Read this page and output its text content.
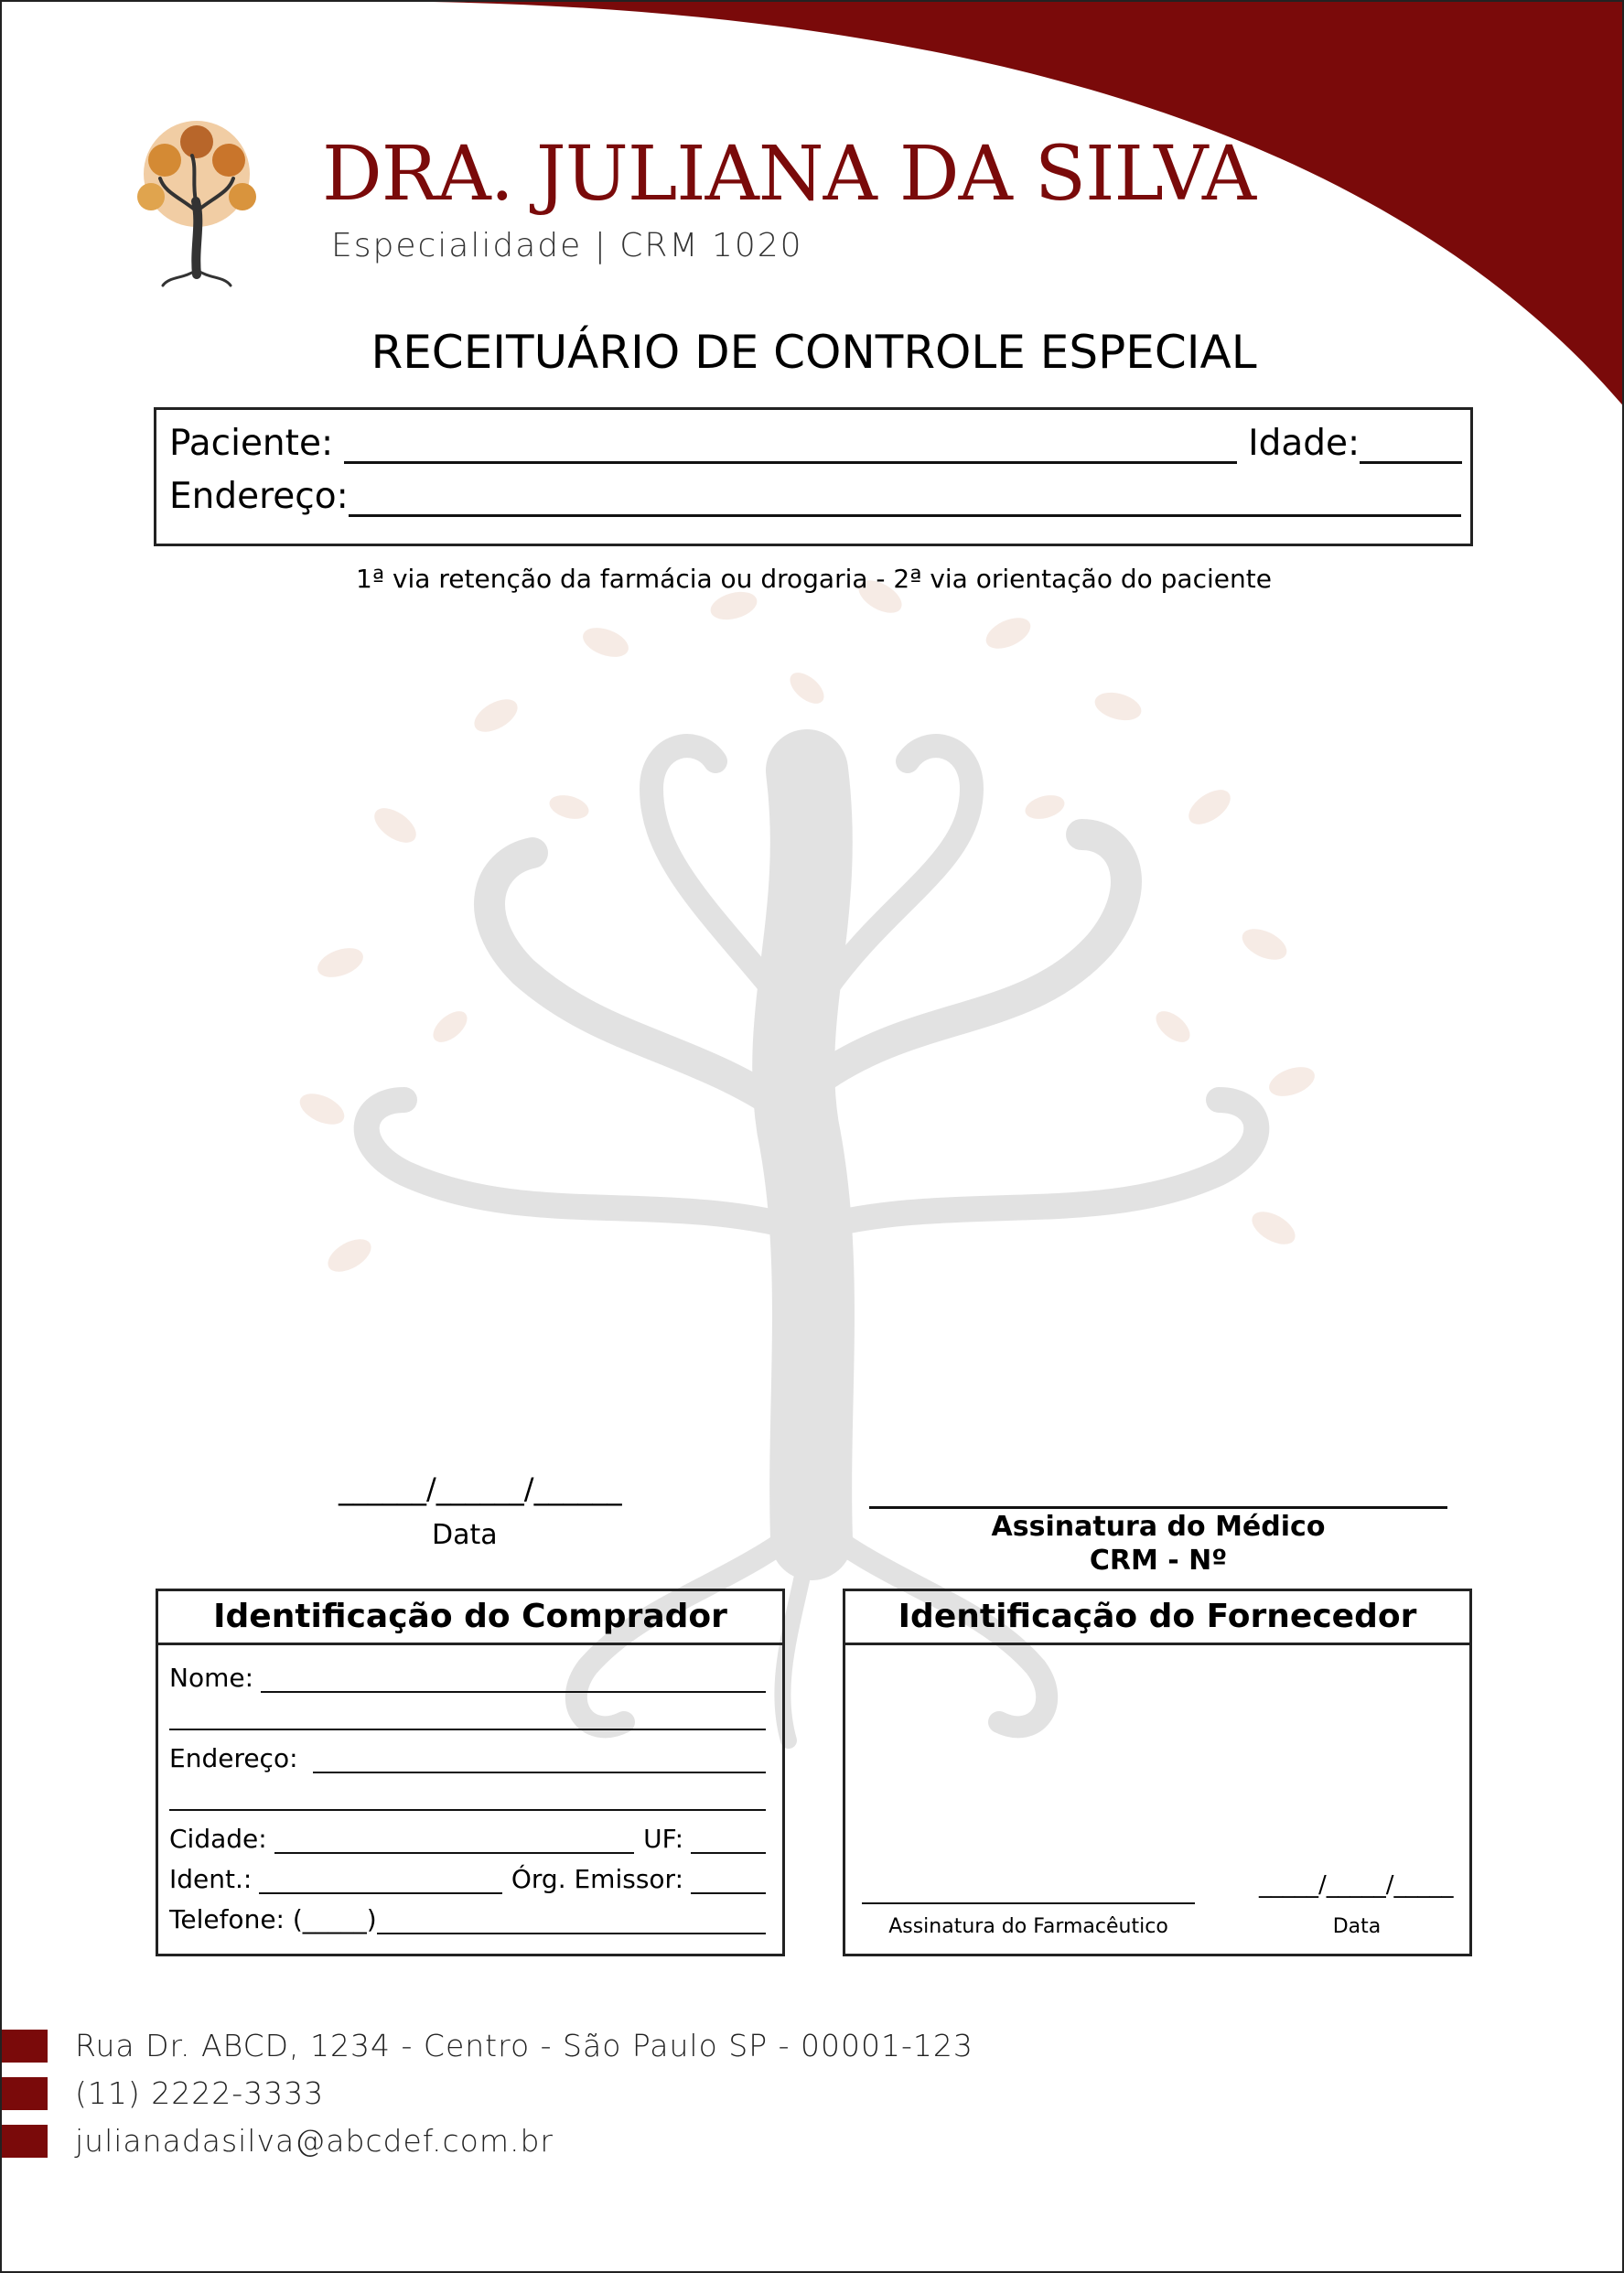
DRA. JULIANA DA SILVA
Especialidade | CRM 1020
RECEITUÁRIO DE CONTROLE ESPECIAL
Paciente:	Idade:
Endereço:
1ª via retenção da farmácia ou drogaria - 2ª via orientação do paciente
______/______/______
Data	Assinatura do Médico
CRM - Nº
Identificação do Comprador
Nome:
Endereço:
Cidade:	UF:
Ident.:	Órg. Emissor:
Telefone: (_____)
Identificação do Fornecedor
Assinatura do Farmacêutico
_____/_____/_____
Data
Rua Dr. ABCD, 1234 - Centro - São Paulo SP - 00001-123
(11) 2222-3333
julianadasilva@abcdef.com.br
